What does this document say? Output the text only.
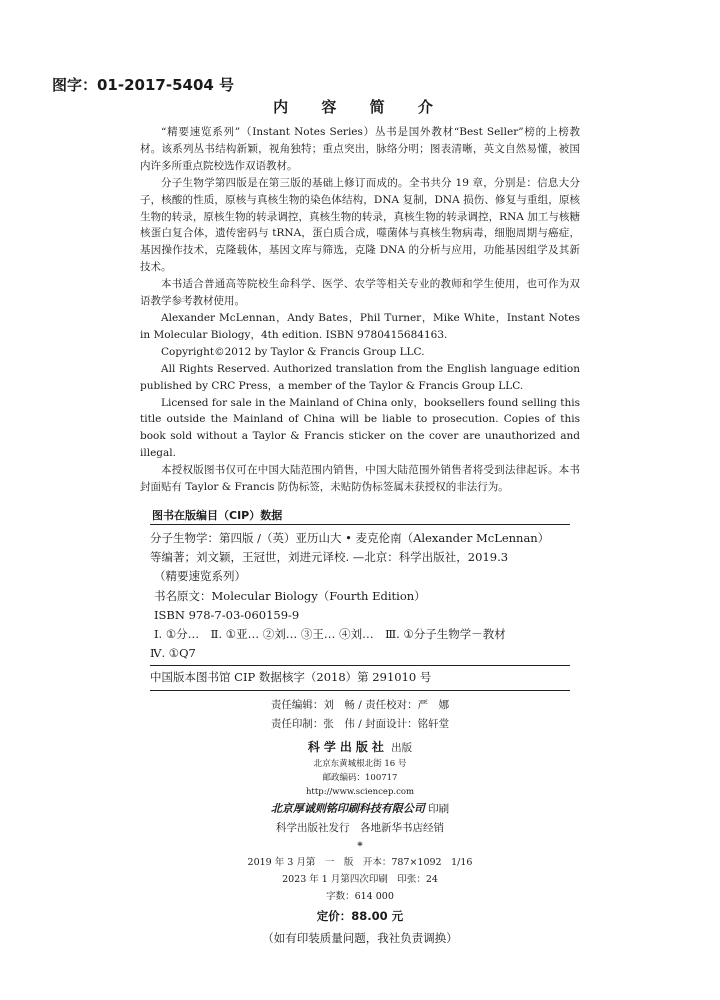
图字：01-2017-5404 号
内 容 简 介

“精要速览系列”（Instant Notes Series）丛书是国外教材“Best Seller”榜的上榜教材。该系列丛书结构新颖，视角独特；重点突出，脉络分明；图表清晰，英文自然易懂，被国内许多所重点院校选作双语教材。

分子生物学第四版是在第三版的基础上修订而成的。全书共分 19 章，分别是：信息大分子，核酸的性质，原核与真核生物的染色体结构，DNA 复制，DNA 损伤、修复与重组，原核生物的转录，原核生物的转录调控，真核生物的转录，真核生物的转录调控，RNA 加工与核糖核蛋白复合体，遗传密码与 tRNA，蛋白质合成，噬菌体与真核生物病毒，细胞周期与癌症，基因操作技术，克隆载体，基因文库与筛选，克隆 DNA 的分析与应用，功能基因组学及其新技术。

本书适合普通高等院校生命科学、医学、农学等相关专业的教师和学生使用，也可作为双语教学参考教材使用。

Alexander McLennan，Andy Bates，Phil Turner，Mike White，Instant Notes in Molecular Biology，4th edition. ISBN 9780415684163.

Copyright©2012 by Taylor & Francis Group LLC.

All Rights Reserved. Authorized translation from the English language edition published by CRC Press，a member of the Taylor & Francis Group LLC.

Licensed for sale in the Mainland of China only，booksellers found selling this title outside the Mainland of China will be liable to prosecution. Copies of this book sold without a Taylor & Francis sticker on the cover are unauthorized and illegal.

本授权版图书仅可在中国大陆范围内销售，中国大陆范围外销售者将受到法律起诉。本书封面贴有 Taylor & Francis 防伪标签，未贴防伪标签属未获授权的非法行为。

图书在版编目（CIP）数据
分子生物学：第四版 /（英）亚历山大 • 麦克伦南（Alexander McLennan）
等编著；刘文颖，王冠世，刘进元译校. —北京：科学出版社，2019.3
（精要速览系列）
书名原文：Molecular Biology（Fourth Edition）
ISBN 978-7-03-060159-9
Ⅰ. ①分…　Ⅱ. ①亚… ②刘… ③王… ④刘…　Ⅲ. ①分子生物学－教材
Ⅳ. ①Q7
中国版本图书馆 CIP 数据核字（2018）第 291010 号
责任编辑：刘　畅 / 责任校对：严　娜
责任印制：张　伟 / 封面设计：铭轩堂
科学出版社 出版
北京东黄城根北街 16 号
邮政编码：100717
http://www.sciencep.com
北京厚诚则铭印刷科技有限公司 印刷
科学出版社发行　各地新华书店经销
*
2019 年 3 月第　一　版　开本：787×1092　1/16
2023 年 1 月第四次印刷　印张：24
字数：614 000
定价：88.00 元
（如有印装质量问题，我社负责调换）
